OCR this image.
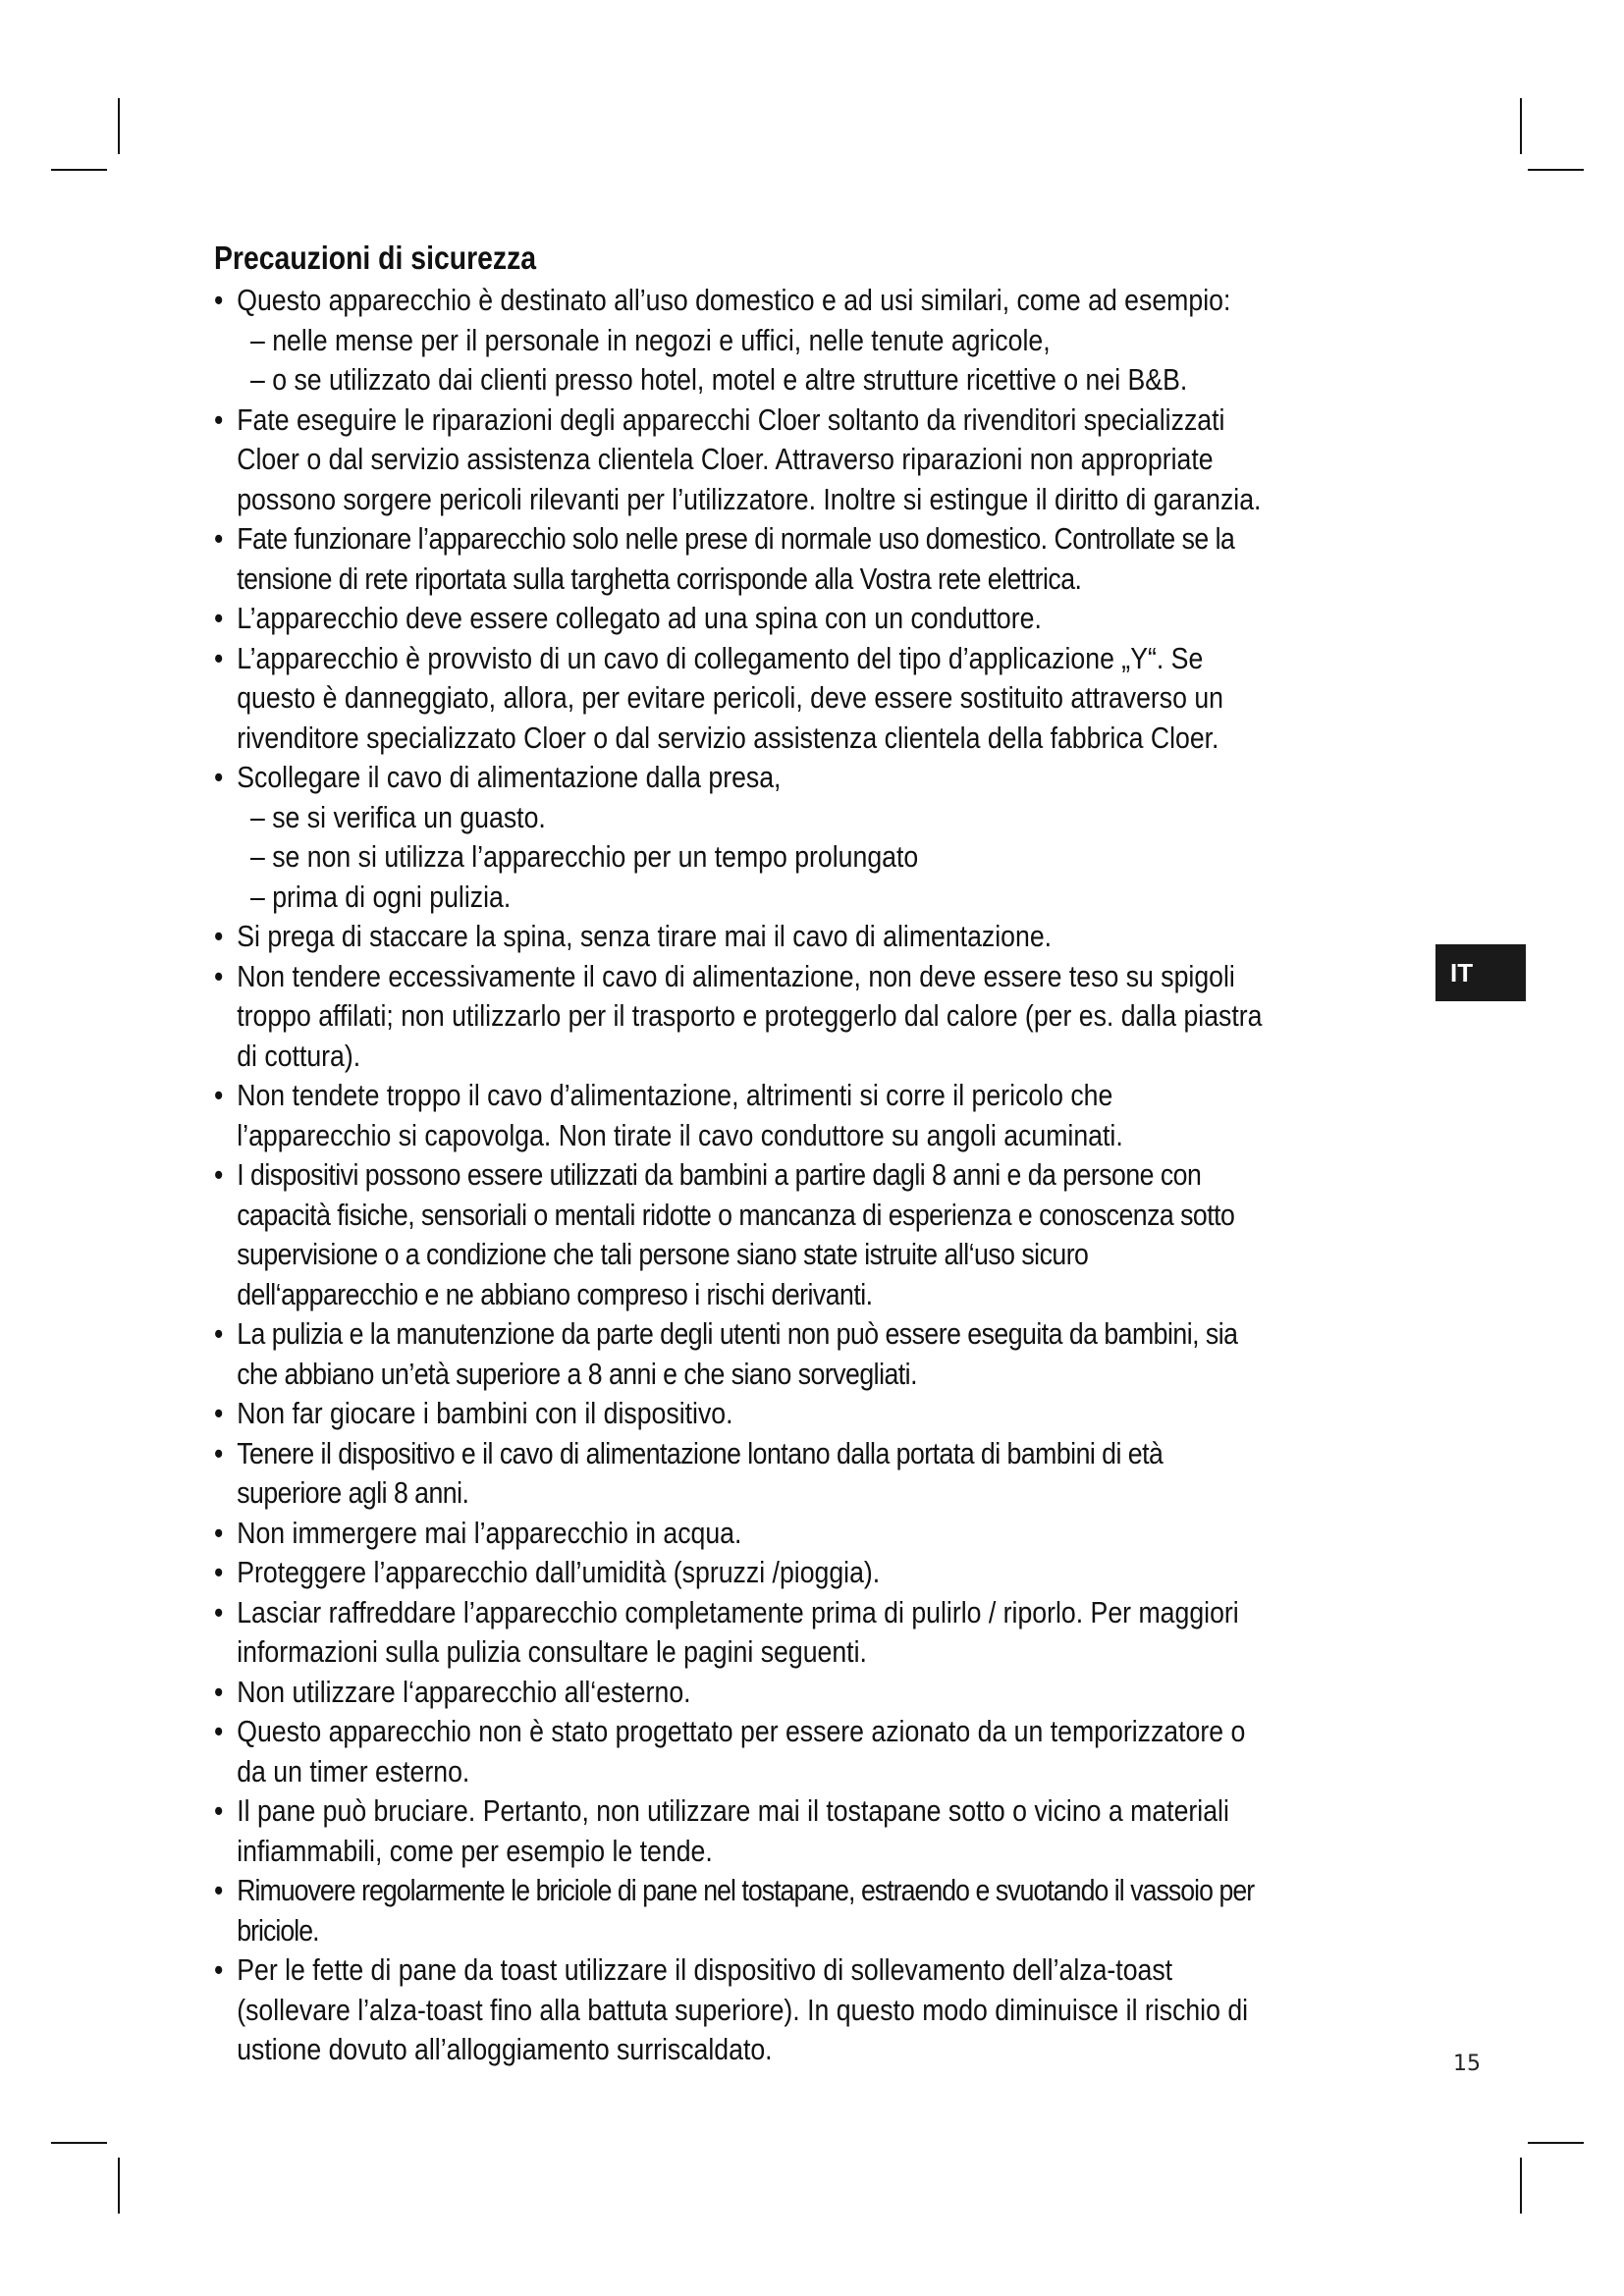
Precauzioni di sicurezza
• Questo apparecchio è destinato all’uso domestico e ad usi similari, come ad esempio:
– nelle mense per il personale in negozi e uffici, nelle tenute agricole,
– o se utilizzato dai clienti presso hotel, motel e altre strutture ricettive o nei B&B.
• Fate eseguire le riparazioni degli apparecchi Cloer soltanto da rivenditori specializzati Cloer o dal servizio assistenza clientela Cloer. Attraverso riparazioni non appropriate possono sorgere pericoli rilevanti per l’utilizzatore. Inoltre si estingue il diritto di garanzia.
• Fate funzionare l’apparecchio solo nelle prese di normale uso domestico. Controllate se la tensione di rete riportata sulla targhetta corrisponde alla Vostra rete elettrica.
• L’apparecchio deve essere collegato ad una spina con un conduttore.
• L’apparecchio è provvisto di un cavo di collegamento del tipo d’applicazione „Y“. Se questo è danneggiato, allora, per evitare pericoli, deve essere sostituito attraverso un rivenditore specializzato Cloer o dal servizio assistenza clientela della fabbrica Cloer.
• Scollegare il cavo di alimentazione dalla presa,
– se si verifica un guasto.
– se non si utilizza l’apparecchio per un tempo prolungato
– prima di ogni pulizia.
• Si prega di staccare la spina, senza tirare mai il cavo di alimentazione.
• Non tendere eccessivamente il cavo di alimentazione, non deve essere teso su spigoli troppo affilati; non utilizzarlo per il trasporto e proteggerlo dal calore (per es. dalla piastra di cottura).
• Non tendete troppo il cavo d’alimentazione, altrimenti si corre il pericolo che l’apparecchio si capovolga. Non tirate il cavo conduttore su angoli acuminati.
• I dispositivi possono essere utilizzati da bambini a partire dagli 8 anni e da persone con capacità fisiche, sensoriali o mentali ridotte o mancanza di esperienza e conoscenza sotto supervisione o a condizione che tali persone siano state istruite all‘uso sicuro dell‘apparecchio e ne abbiano compreso i rischi derivanti.
• La pulizia e la manutenzione da parte degli utenti non può essere eseguita da bambini, sia che abbiano un’età superiore a 8 anni e che siano sorvegliati.
• Non far giocare i bambini con il dispositivo.
• Tenere il dispositivo e il cavo di alimentazione lontano dalla portata di bambini di età superiore agli 8 anni.
• Non immergere mai l’apparecchio in acqua.
• Proteggere l’apparecchio dall’umidità (spruzzi /pioggia).
• Lasciar raffreddare l’apparecchio completamente prima di pulirlo / riporlo. Per maggiori informazioni sulla pulizia consultare le pagini seguenti.
• Non utilizzare l‘apparecchio all‘esterno.
• Questo apparecchio non è stato progettato per essere azionato da un temporizzatore o da un timer esterno.
• Il pane può bruciare. Pertanto, non utilizzare mai il tostapane sotto o vicino a materiali infiammabili, come per esempio le tende.
• Rimuovere regolarmente le briciole di pane nel tostapane, estraendo e svuotando il vassoio per briciole.
• Per le fette di pane da toast utilizzare il dispositivo di sollevamento dell’alza-toast (sollevare l’alza-toast fino alla battuta superiore). In questo modo diminuisce il rischio di ustione dovuto all’alloggiamento surriscaldato.
IT
15
